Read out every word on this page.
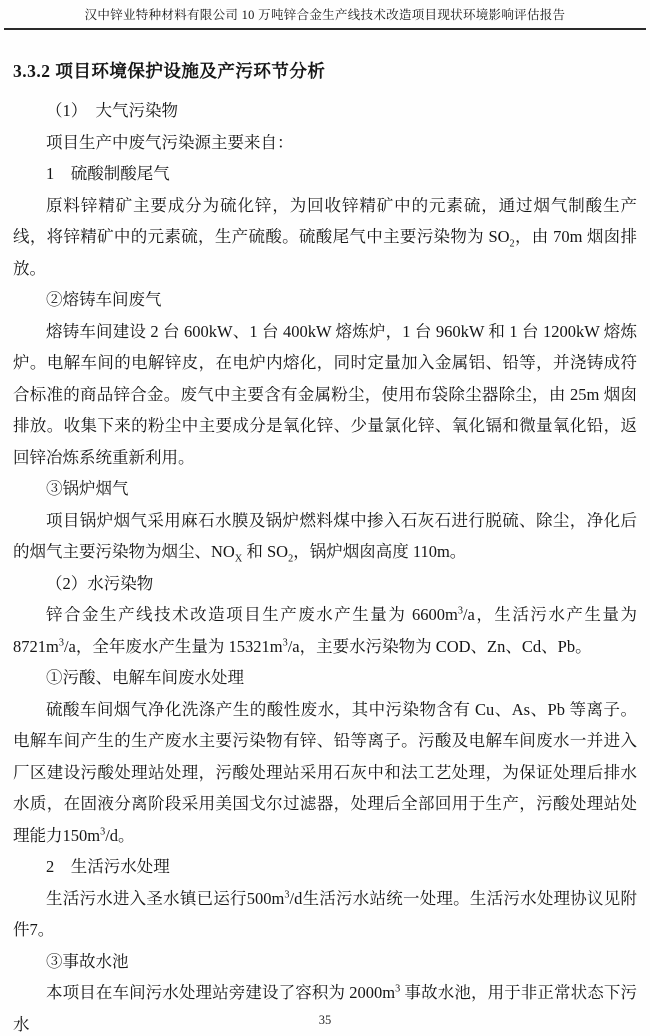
汉中锌业特种材料有限公司 10 万吨锌合金生产线技术改造项目现状环境影响评估报告
3.3.2 项目环境保护设施及产污环节分析

（1）　大气污染物

项目生产中废气污染源主要来自：

1　硫酸制酸尾气

原料锌精矿主要成分为硫化锌，为回收锌精矿中的元素硫，通过烟气制酸生产线，将锌精矿中的元素硫，生产硫酸。硫酸尾气中主要污染物为 $SO_2$，由 70m 烟囱排放。

②熔铸车间废气

熔铸车间建设 2 台 600kW、1 台 400kW 熔炼炉，1 台 960kW 和 1 台 1200kW 熔炼炉。电解车间的电解锌皮，在电炉内熔化，同时定量加入金属铝、铅等，并浇铸成符合标准的商品锌合金。废气中主要含有金属粉尘，使用布袋除尘器除尘，由 25m 烟囱排放。收集下来的粉尘中主要成分是氧化锌、少量氯化锌、氧化镉和微量氧化铅，返回锌冶炼系统重新利用。

③锅炉烟气

项目锅炉烟气采用麻石水膜及锅炉燃料煤中掺入石灰石进行脱硫、除尘，净化后的烟气主要污染物为烟尘、$NO_X$ 和 $SO_2$，锅炉烟囱高度 110m。

（2）水污染物

锌合金生产线技术改造项目生产废水产生量为 $6600m^3/a$，生活污水产生量为 $8721m^3/a$，全年废水产生量为 $15321m^3/a$，主要水污染物为 COD、Zn、Cd、Pb。

①污酸、电解车间废水处理

硫酸车间烟气净化洗涤产生的酸性废水，其中污染物含有 Cu、As、Pb 等离子。电解车间产生的生产废水主要污染物有锌、铅等离子。污酸及电解车间废水一并进入厂区建设污酸处理站处理，污酸处理站采用石灰中和法工艺处理，为保证处理后排水水质，在固液分离阶段采用美国戈尔过滤器，处理后全部回用于生产，污酸处理站处理能力$150m^3/d$。

2　生活污水处理

生活污水进入圣水镇已运行$500m^3/d$生活污水站统一处理。生活污水处理协议见附件7。

③事故水池

本项目在车间污水处理站旁建设了容积为 $2000m^3$ 事故水池，用于非正常状态下污水	35
